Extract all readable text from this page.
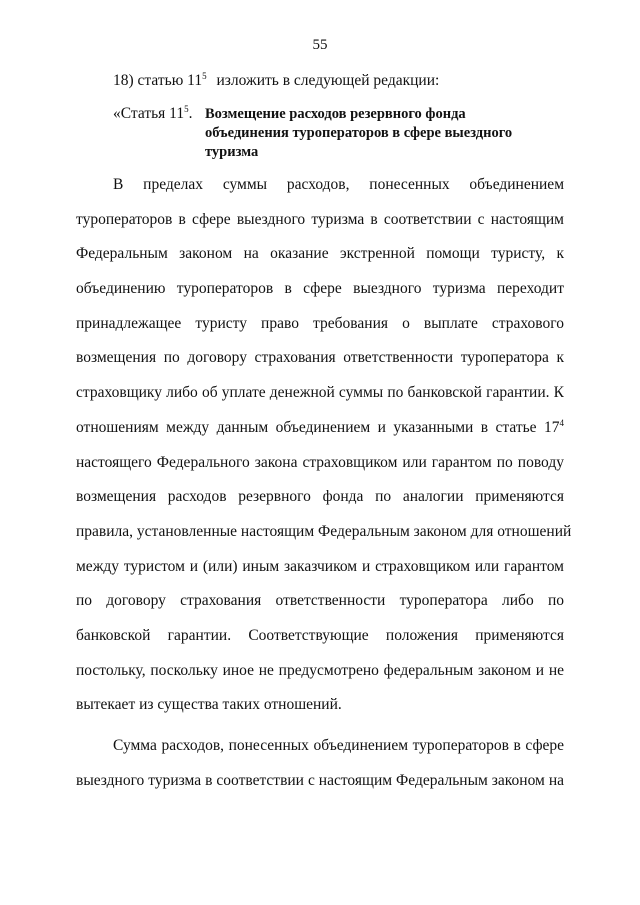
55
18) статью $11^5$ изложить в следующей редакции:
«Статья $11^5$. Возмещение расходов резервного фонда объединения туроператоров в сфере выездного туризма
В пределах суммы расходов, понесенных объединением
туроператоров в сфере выездного туризма в соответствии с настоящим
Федеральным законом на оказание экстренной помощи туристу, к
объединению туроператоров в сфере выездного туризма переходит
принадлежащее туристу право требования о выплате страхового
возмещения по договору страхования ответственности туроператора к
страховщику либо об уплате денежной суммы по банковской гарантии. К
отношениям между данным объединением и указанными в статье $17^4$
настоящего Федерального закона страховщиком или гарантом по поводу
возмещения расходов резервного фонда по аналогии применяются
правила, установленные настоящим Федеральным законом для отношений
между туристом и (или) иным заказчиком и страховщиком или гарантом
по договору страхования ответственности туроператора либо по
банковской гарантии. Соответствующие положения применяются
постольку, поскольку иное не предусмотрено федеральным законом и не
вытекает из существа таких отношений.
Сумма расходов, понесенных объединением туроператоров в сфере
выездного туризма в соответствии с настоящим Федеральным законом на
